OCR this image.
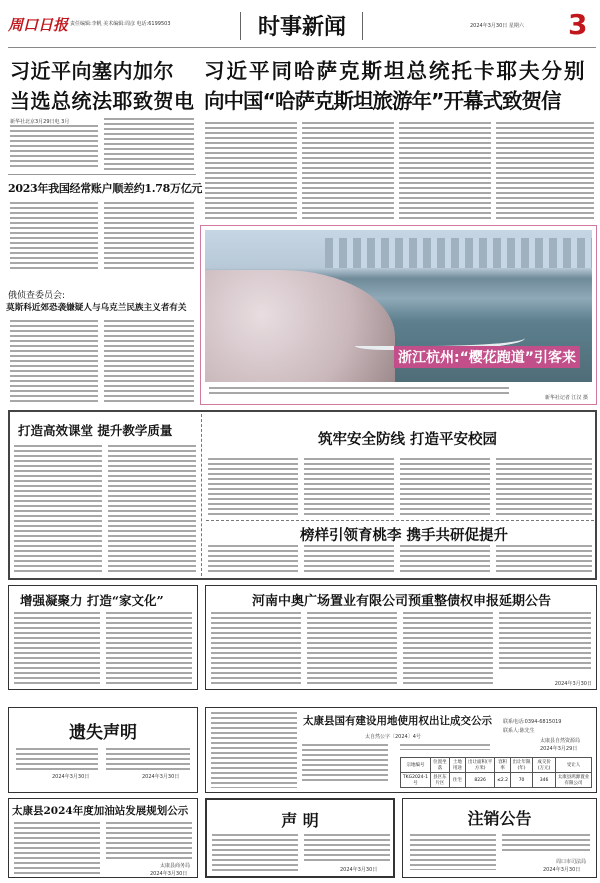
周口日报 责任编辑:李帆 美术编辑:周彦 电话:6199503	时事新闻	2024年3月30日 星期六 3
习近平向塞内加尔
当选总统法耶致贺电
新华社北京3月29日电 3月
2023年我国经常账户顺差约1.78万亿元
俄侦查委员会:
莫斯科近郊恐袭嫌疑人与乌克兰民族主义者有关
习近平同哈萨克斯坦总统托卡耶夫分别
向中国“哈萨克斯坦旅游年”开幕式致贺信
浙江杭州:“樱花跑道”引客来
新华社记者 江汉 摄
打造高效课堂 提升教学质量
筑牢安全防线 打造平安校园
榜样引领育桃李 携手共研促提升
增强凝聚力 打造“家文化”	河南中奥广场置业有限公司预重整债权申报延期公告
2024年3月30日
遗失声明
2024年3月30日	2024年3月30日
太康县国有建设用地使用权出让成交公示
太自然公字〔2024〕4号
联系电话:0394-6815019
联系人:陈先生
太康县自然资源局
2024年3月29日
宗地编号	位置坐落	土地用途	出让面积(平方米)	容积率	出让年限(年)	成交价(万元)	受让人
TKG2024-1号	县区东片区	住宅	8226	≤2.2	70	346	太康县鸿源置业有限公司
太康县2024年度加油站发展规划公示
太康县商务局
2024年3月30日
声 明
2024年3月30日
注销公告
周口市司法局
2024年3月30日
